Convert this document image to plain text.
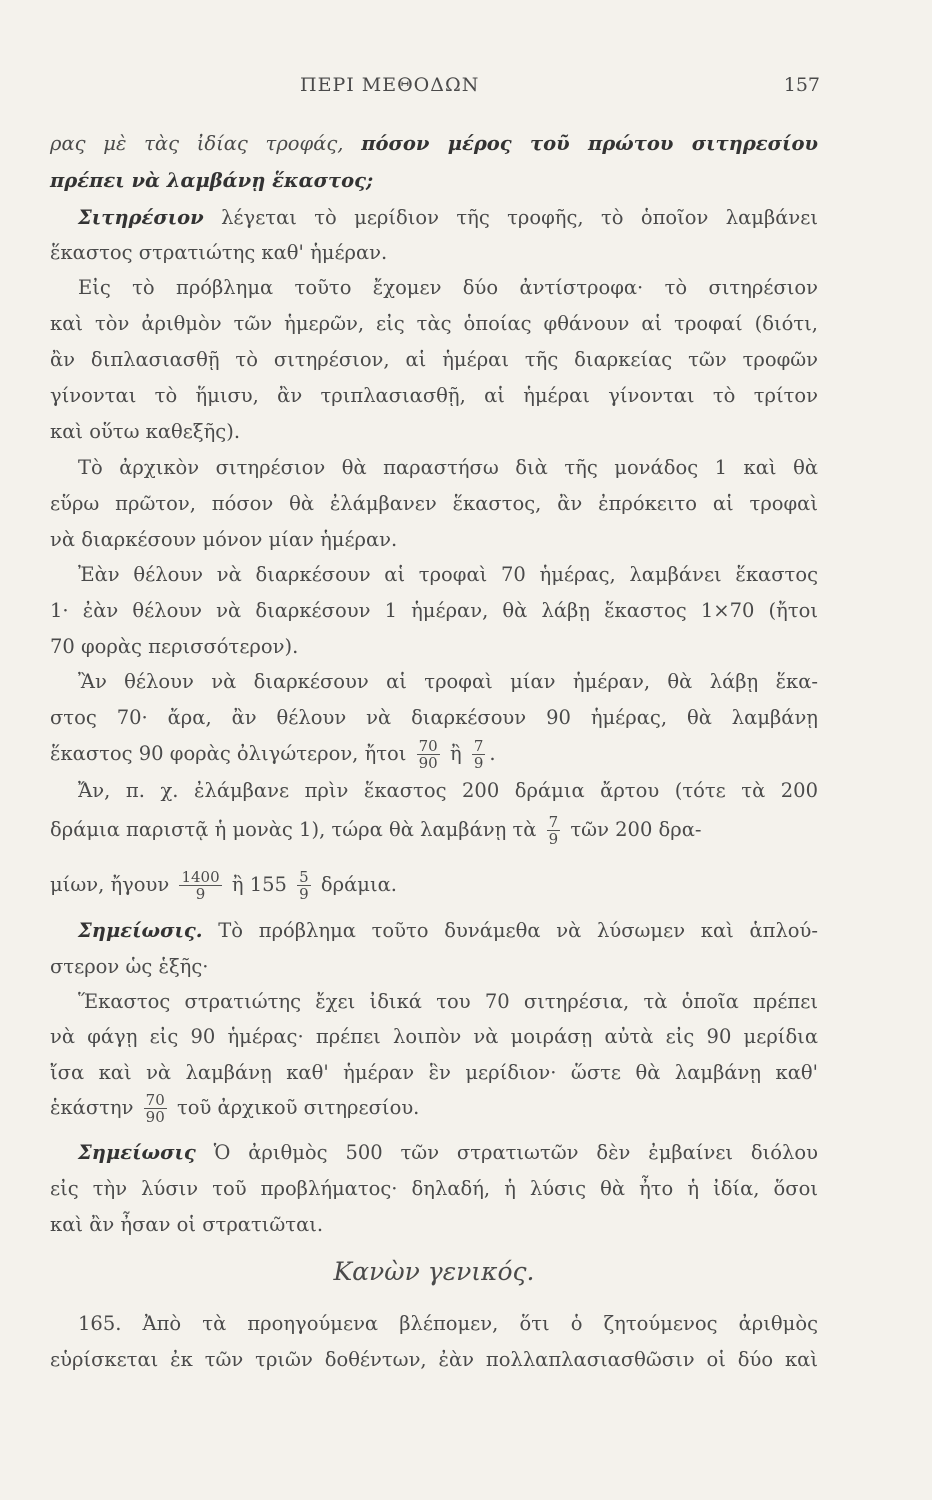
ΠΕΡΙ ΜΕΘΟΔΩΝ	157
ρας μὲ τὰς ἰδίας τροφάς, πόσον μέρος τοῦ πρώτου σιτηρεσίου
πρέπει νὰ λαμβάνῃ ἕκαστος;
Σιτηρέσιον λέγεται τὸ μερίδιον τῆς τροφῆς, τὸ ὁποῖον λαμβάνει
ἕκαστος στρατιώτης καθ' ἡμέραν.
Εἰς τὸ πρόβλημα τοῦτο ἔχομεν δύο ἀντίστροφα· τὸ σιτηρέσιον
καὶ τὸν ἀριθμὸν τῶν ἡμερῶν, εἰς τὰς ὁποίας φθάνουν αἱ τροφαί (διότι,
ἂν διπλασιασθῇ τὸ σιτηρέσιον, αἱ ἡμέραι τῆς διαρκείας τῶν τροφῶν
γίνονται τὸ ἥμισυ, ἂν τριπλασιασθῇ, αἱ ἡμέραι γίνονται τὸ τρίτον
καὶ οὕτω καθεξῆς).
Τὸ ἀρχικὸν σιτηρέσιον θὰ παραστήσω διὰ τῆς μονάδος 1 καὶ θὰ
εὕρω πρῶτον, πόσον θὰ ἐλάμβανεν ἕκαστος, ἂν ἐπρόκειτο αἱ τροφαὶ
νὰ διαρκέσουν μόνον μίαν ἡμέραν.
Ἐὰν θέλουν νὰ διαρκέσουν αἱ τροφαὶ 70 ἡμέρας, λαμβάνει ἕκαστος
1· ἐὰν θέλουν νὰ διαρκέσουν 1 ἡμέραν, θὰ λάβῃ ἕκαστος 1×70 (ἤτοι
70 φορὰς περισσότερον).
Ἂν θέλουν νὰ διαρκέσουν αἱ τροφαὶ μίαν ἡμέραν, θὰ λάβῃ ἕκα-
στος 70· ἄρα, ἂν θέλουν νὰ διαρκέσουν 90 ἡμέρας, θὰ λαμβάνῃ
ἕκαστος 90 φορὰς ὀλιγώτερον, ἤτοι $\frac{70}{90}$ ἢ $\frac{7}{9}$ .
Ἄν, π. χ. ἐλάμβανε πρὶν ἕκαστος 200 δράμια ἄρτου (τότε τὰ 200
δράμια παριστᾷ ἡ μονὰς 1), τώρα θὰ λαμβάνῃ τὰ $\frac{7}{9}$ τῶν 200 δρα-
μίων, ἤγουν $\frac{1400}{9}$ ἢ $155 \frac{5}{9} \delta\rho ά\mu\iota\alpha$.
Σημείωσις. Τὸ πρόβλημα τοῦτο δυνάμεθα νὰ λύσωμεν καὶ ἁπλού-
στερον ὡς ἑξῆς·
Ἕκαστος στρατιώτης ἔχει ἰδικά του 70 σιτηρέσια, τὰ ὁποῖα πρέπει
νὰ φάγῃ εἰς 90 ἡμέρας· πρέπει λοιπὸν νὰ μοιράσῃ αὐτὰ εἰς 90 μερίδια
ἴσα καὶ νὰ λαμβάνῃ καθ' ἡμέραν ἓν μερίδιον· ὥστε θὰ λαμβάνῃ καθ'
ἑκάστην $\frac{70}{90}$ τοῦ ἀρχικοῦ σιτηρεσίου.
Σημείωσις Ὁ ἀριθμὸς 500 τῶν στρατιωτῶν δὲν ἐμβαίνει διόλου
εἰς τὴν λύσιν τοῦ προβλήματος· δηλαδή, ἡ λύσις θὰ ἦτο ἡ ἰδία, ὅσοι
καὶ ἂν ἦσαν οἱ στρατιῶται.
Κανὼν γενικός.
165. Ἀπὸ τὰ προηγούμενα βλέπομεν, ὅτι ὁ ζητούμενος ἀριθμὸς
εὑρίσκεται ἐκ τῶν τριῶν δοθέντων, ἐὰν πολλαπλασιασθῶσιν οἱ δύο καὶ
